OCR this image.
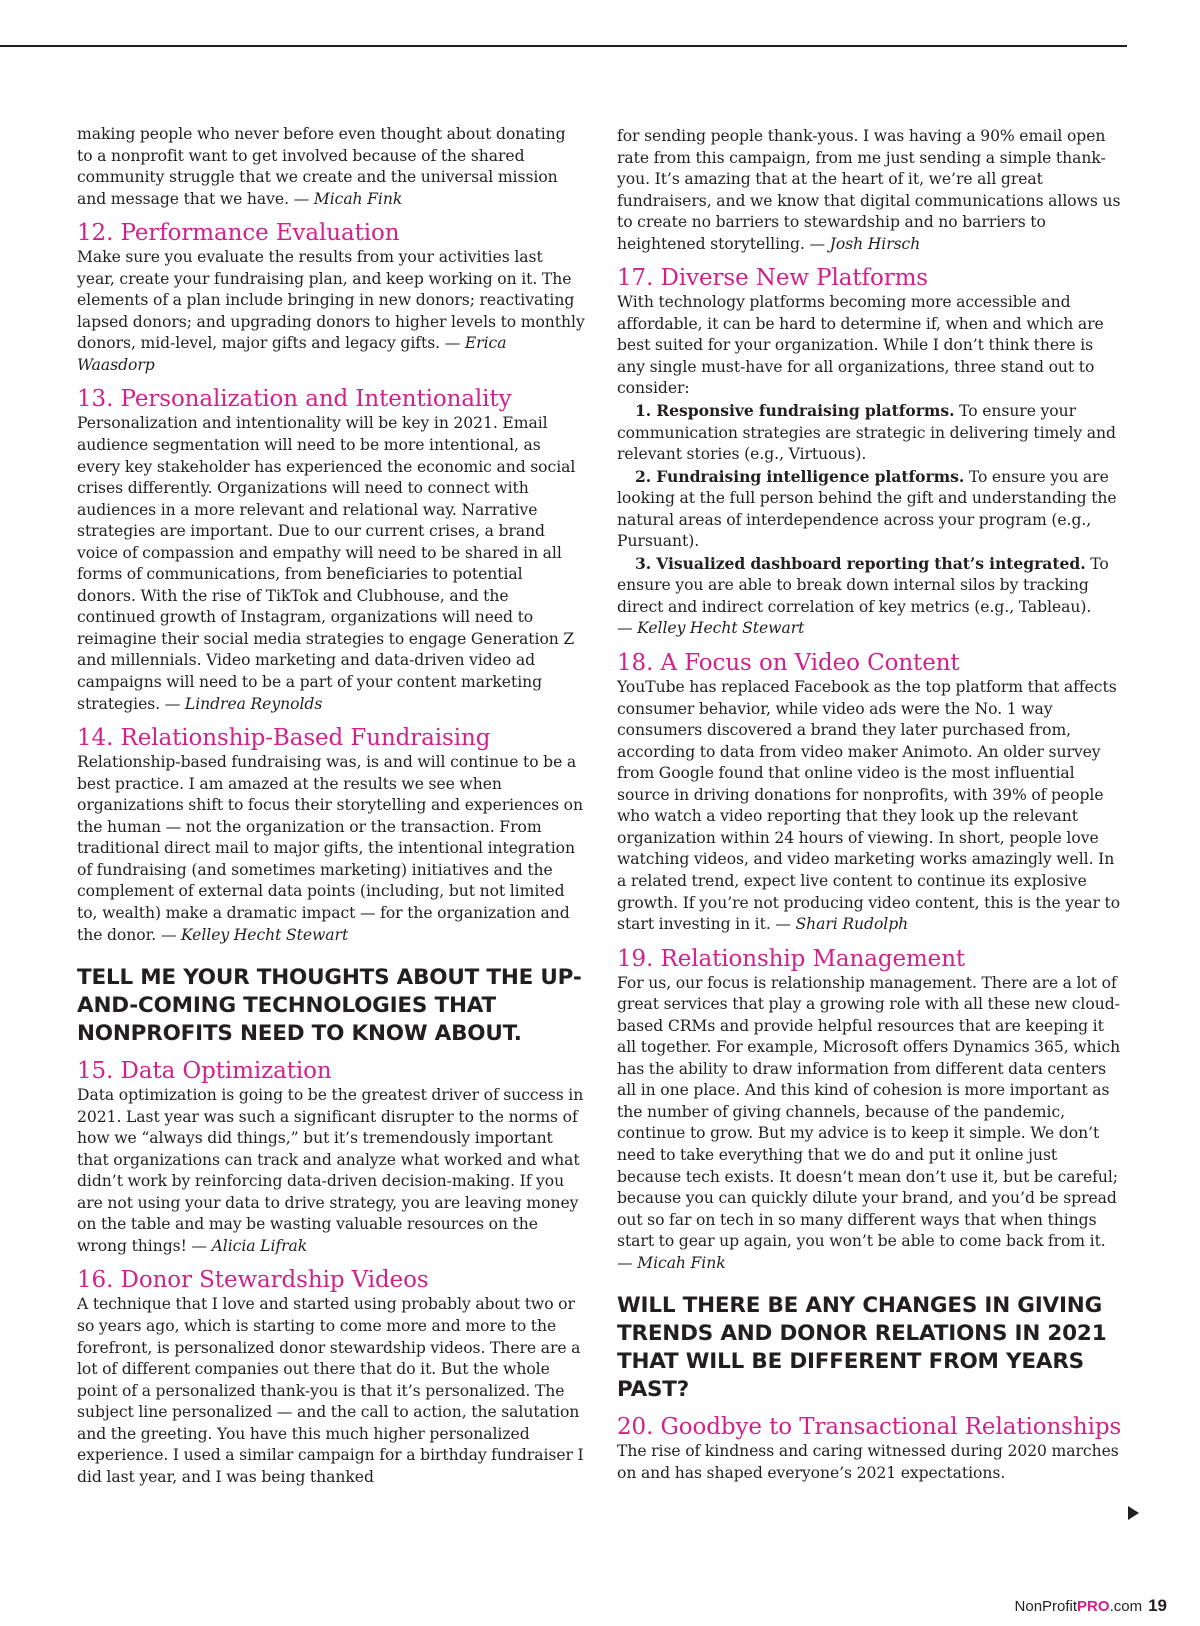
making people who never before even thought about donating to a nonprofit want to get involved because of the shared community struggle that we create and the universal mission and message that we have. — Micah Fink

12. Performance Evaluation

Make sure you evaluate the results from your activities last year, create your fundraising plan, and keep working on it. The elements of a plan include bringing in new donors; reactivating lapsed donors; and upgrading donors to higher levels to monthly donors, mid-level, major gifts and legacy gifts. — Erica Waasdorp

13. Personalization and Intentionality

Personalization and intentionality will be key in 2021. Email audience segmentation will need to be more intentional, as every key stakeholder has experienced the economic and social crises differently. Organizations will need to connect with audiences in a more relevant and relational way. Narrative strategies are important. Due to our current crises, a brand voice of compassion and empathy will need to be shared in all forms of communications, from beneficiaries to potential donors. With the rise of TikTok and Clubhouse, and the continued growth of Instagram, organizations will need to reimagine their social media strategies to engage Generation Z and millennials. Video marketing and data-driven video ad campaigns will need to be a part of your content marketing strategies. — Lindrea Reynolds

14. Relationship-Based Fundraising

Relationship-based fundraising was, is and will continue to be a best practice. I am amazed at the results we see when organizations shift to focus their storytelling and experiences on the human — not the organization or the transaction. From traditional direct mail to major gifts, the intentional integration of fundraising (and sometimes marketing) initiatives and the complement of external data points (including, but not limited to, wealth) make a dramatic impact — for the organization and the donor. — Kelley Hecht Stewart

TELL ME YOUR THOUGHTS ABOUT THE UP-AND-COMING TECHNOLOGIES THAT NONPROFITS NEED TO KNOW ABOUT.
15. Data Optimization

Data optimization is going to be the greatest driver of success in 2021. Last year was such a significant disrupter to the norms of how we “always did things,” but it’s tremendously important that organizations can track and analyze what worked and what didn’t work by reinforcing data-driven decision-making. If you are not using your data to drive strategy, you are leaving money on the table and may be wasting valuable resources on the wrong things! — Alicia Lifrak

16. Donor Stewardship Videos

A technique that I love and started using probably about two or so years ago, which is starting to come more and more to the forefront, is personalized donor stewardship videos. There are a lot of different companies out there that do it. But the whole point of a personalized thank-you is that it’s personalized. The subject line personalized — and the call to action, the salutation and the greeting. You have this much higher personalized experience. I used a similar campaign for a birthday fundraiser I did last year, and I was being thanked

for sending people thank-yous. I was having a 90% email open rate from this campaign, from me just sending a simple thank-you. It’s amazing that at the heart of it, we’re all great fundraisers, and we know that digital communications allows us to create no barriers to stewardship and no barriers to heightened storytelling. — Josh Hirsch

17. Diverse New Platforms

With technology platforms becoming more accessible and affordable, it can be hard to determine if, when and which are best suited for your organization. While I don’t think there is any single must-have for all organizations, three stand out to consider:

1. Responsive fundraising platforms. To ensure your communication strategies are strategic in delivering timely and relevant stories (e.g., Virtuous).

2. Fundraising intelligence platforms. To ensure you are looking at the full person behind the gift and understanding the natural areas of interdependence across your program (e.g., Pursuant).

3. Visualized dashboard reporting that’s integrated. To ensure you are able to break down internal silos by tracking direct and indirect correlation of key metrics (e.g., Tableau).

— Kelley Hecht Stewart

18. A Focus on Video Content

YouTube has replaced Facebook as the top platform that affects consumer behavior, while video ads were the No. 1 way consumers discovered a brand they later purchased from, according to data from video maker Animoto. An older survey from Google found that online video is the most influential source in driving donations for nonprofits, with 39% of people who watch a video reporting that they look up the relevant organization within 24 hours of viewing. In short, people love watching videos, and video marketing works amazingly well. In a related trend, expect live content to continue its explosive growth. If you’re not producing video content, this is the year to start investing in it. — Shari Rudolph

19. Relationship Management

For us, our focus is relationship management. There are a lot of great services that play a growing role with all these new cloud-based CRMs and provide helpful resources that are keeping it all together. For example, Microsoft offers Dynamics 365, which has the ability to draw information from different data centers all in one place. And this kind of cohesion is more important as the number of giving channels, because of the pandemic, continue to grow. But my advice is to keep it simple. We don’t need to take everything that we do and put it online just because tech exists. It doesn’t mean don’t use it, but be careful; because you can quickly dilute your brand, and you’d be spread out so far on tech in so many different ways that when things start to gear up again, you won’t be able to come back from it. — Micah Fink

WILL THERE BE ANY CHANGES IN GIVING TRENDS AND DONOR RELATIONS IN 2021 THAT WILL BE DIFFERENT FROM YEARS PAST?
20. Goodbye to Transactional Relationships

The rise of kindness and caring witnessed during 2020 marches on and has shaped everyone’s 2021 expectations.

NonProfitPRO.com 19
